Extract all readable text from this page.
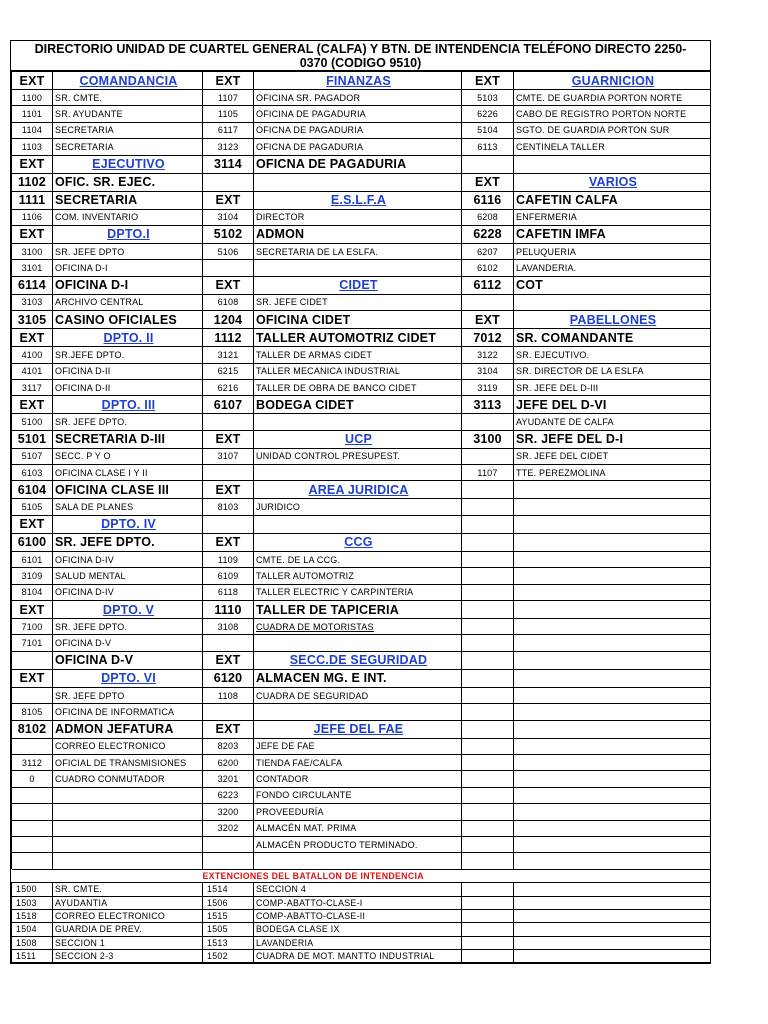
DIRECTORIO UNIDAD DE CUARTEL GENERAL (CALFA) Y BTN. DE INTENDENCIA TELÉFONO DIRECTO 2250-
0370 (CODIGO 9510)
EXT	COMANDANCIA	EXT	FINANZAS	EXT	GUARNICION
1100	SR. CMTE.	1107	OFICINA SR. PAGADOR	5103	CMTE. DE GUARDIA PORTON NORTE
1101	SR. AYUDANTE	1105	OFICINA DE PAGADURIA	6226	CABO DE REGISTRO PORTON NORTE
1104	SECRETARIA	6117	OFICNA DE PAGADURIA	5104	SGTO. DE GUARDIA PORTON SUR
1103	SECRETARIA	3123	OFICNA DE PAGADURIA	6113	CENTINELA TALLER
EXT	EJECUTIVO	3114	OFICNA DE PAGADURIA		
1102	OFIC. SR. EJEC.			EXT	VARIOS
1111	SECRETARIA	EXT	E.S.L.F.A	6116	CAFETIN CALFA
1106	COM. INVENTARIO	3104	DIRECTOR	6208	ENFERMERIA
EXT	DPTO.I	5102	ADMON	6228	CAFETIN IMFA
3100	SR. JEFE DPTO	5106	SECRETARIA DE LA ESLFA.	6207	PELUQUERIA
3101	OFICINA D-I			6102	LAVANDERIA.
6114	OFICINA D-I	EXT	CIDET	6112	COT
3103	ARCHIVO CENTRAL	6108	SR. JEFE CIDET		
3105	CASINO OFICIALES	1204	OFICINA CIDET	EXT	PABELLONES
EXT	DPTO. II	1112	TALLER AUTOMOTRIZ CIDET	7012	SR. COMANDANTE
4100	SR.JEFE DPTO.	3121	TALLER DE ARMAS CIDET	3122	SR. EJECUTIVO.
4101	OFICINA D-II	6215	TALLER MECANICA INDUSTRIAL	3104	SR. DIRECTOR DE LA ESLFA
3117	OFICINA D-II	6216	TALLER DE OBRA DE BANCO CIDET	3119	SR. JEFE DEL D-III
EXT	DPTO. III	6107	BODEGA CIDET	3113	JEFE DEL D-VI
5100	SR. JEFE DPTO.				AYUDANTE DE CALFA
5101	SECRETARIA D-III	EXT	UCP	3100	SR. JEFE DEL D-I
5107	SECC. P Y O	3107	UNIDAD CONTROL PRESUPEST.		SR. JEFE DEL CIDET
6103	OFICINA CLASE I Y II			1107	TTE. PEREZMOLINA
6104	OFICINA CLASE III	EXT	AREA JURIDICA		
5105	SALA DE PLANES	8103	JURIDICO		
EXT	DPTO. IV				
6100	SR. JEFE DPTO.	EXT	CCG		
6101	OFICINA D-IV	1109	CMTE. DE LA CCG.		
3109	SALUD MENTAL	6109	TALLER AUTOMOTRIZ		
8104	OFICINA D-IV	6118	TALLER ELECTRIC Y CARPINTERIA		
EXT	DPTO. V	1110	TALLER DE TAPICERIA		
7100	SR. JEFE DPTO.	3108	CUADRA DE MOTORISTAS		
7101	OFICINA D-V				
	OFICINA D-V	EXT	SECC.DE SEGURIDAD		
EXT	DPTO. VI	6120	ALMACEN MG. E INT.		
	SR. JEFE DPTO	1108	CUADRA DE SEGURIDAD		
8105	OFICINA DE INFORMATICA				
8102	ADMON JEFATURA	EXT	JEFE DEL FAE		
	CORREO ELECTRONICO	8203	JEFE DE FAE		
3112	OFICIAL DE TRANSMISIONES	6200	TIENDA FAE/CALFA		
0	CUADRO CONMUTADOR	3201	CONTADOR		
		6223	FONDO CIRCULANTE		
		3200	PROVEEDURÍA		
		3202	ALMACÉN MAT. PRIMA		
			ALMACÉN PRODUCTO TERMINADO.		

		EXTENCIONES DEL BATALLON DE INTENDENCIA			
1500	SR. CMTE.	1514	SECCION 4		
1503	AYUDANTIA	1506	COMP-ABATTO-CLASE-I		
1518	CORREO ELECTRONICO	1515	COMP-ABATTO-CLASE-II		
1504	GUARDIA DE PREV.	1505	BODEGA CLASE IX		
1508	SECCION 1	1513	LAVANDERIA		
1511	SECCION 2-3	1502	CUADRA DE MOT. MANTTO INDUSTRIAL		
